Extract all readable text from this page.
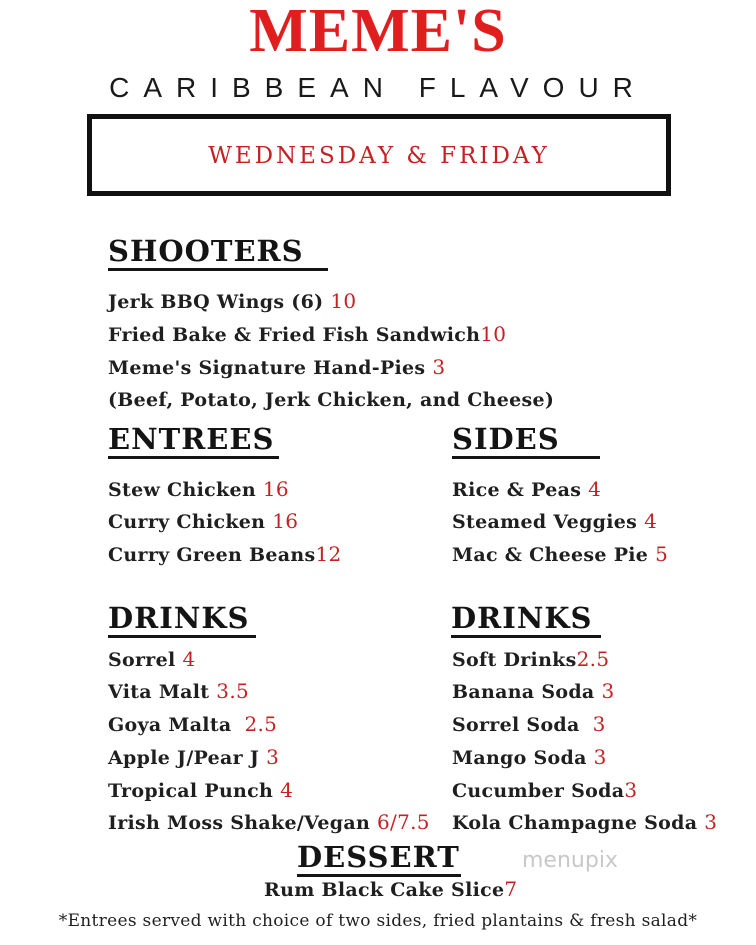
MEME'S
CARIBBEAN FLAVOUR
WEDNESDAY & FRIDAY
SHOOTERS
Jerk BBQ Wings (6) 10
Fried Bake & Fried Fish Sandwich10
Meme's Signature Hand-Pies 3
(Beef, Potato, Jerk Chicken, and Cheese)
ENTREES
Stew Chicken 16
Curry Chicken 16
Curry Green Beans12
SIDES
Rice & Peas 4
Steamed Veggies 4
Mac & Cheese Pie 5
DRINKS
Sorrel 4
Vita Malt 3.5
Goya Malta 2.5
Apple J/Pear J 3
Tropical Punch 4
Irish Moss Shake/Vegan 6/7.5
DRINKS
Soft Drinks2.5
Banana Soda 3
Sorrel Soda 3
Mango Soda 3
Cucumber Soda3
Kola Champagne Soda 3
DESSERT
Rum Black Cake Slice7
menupix
*Entrees served with choice of two sides, fried plantains & fresh salad*
